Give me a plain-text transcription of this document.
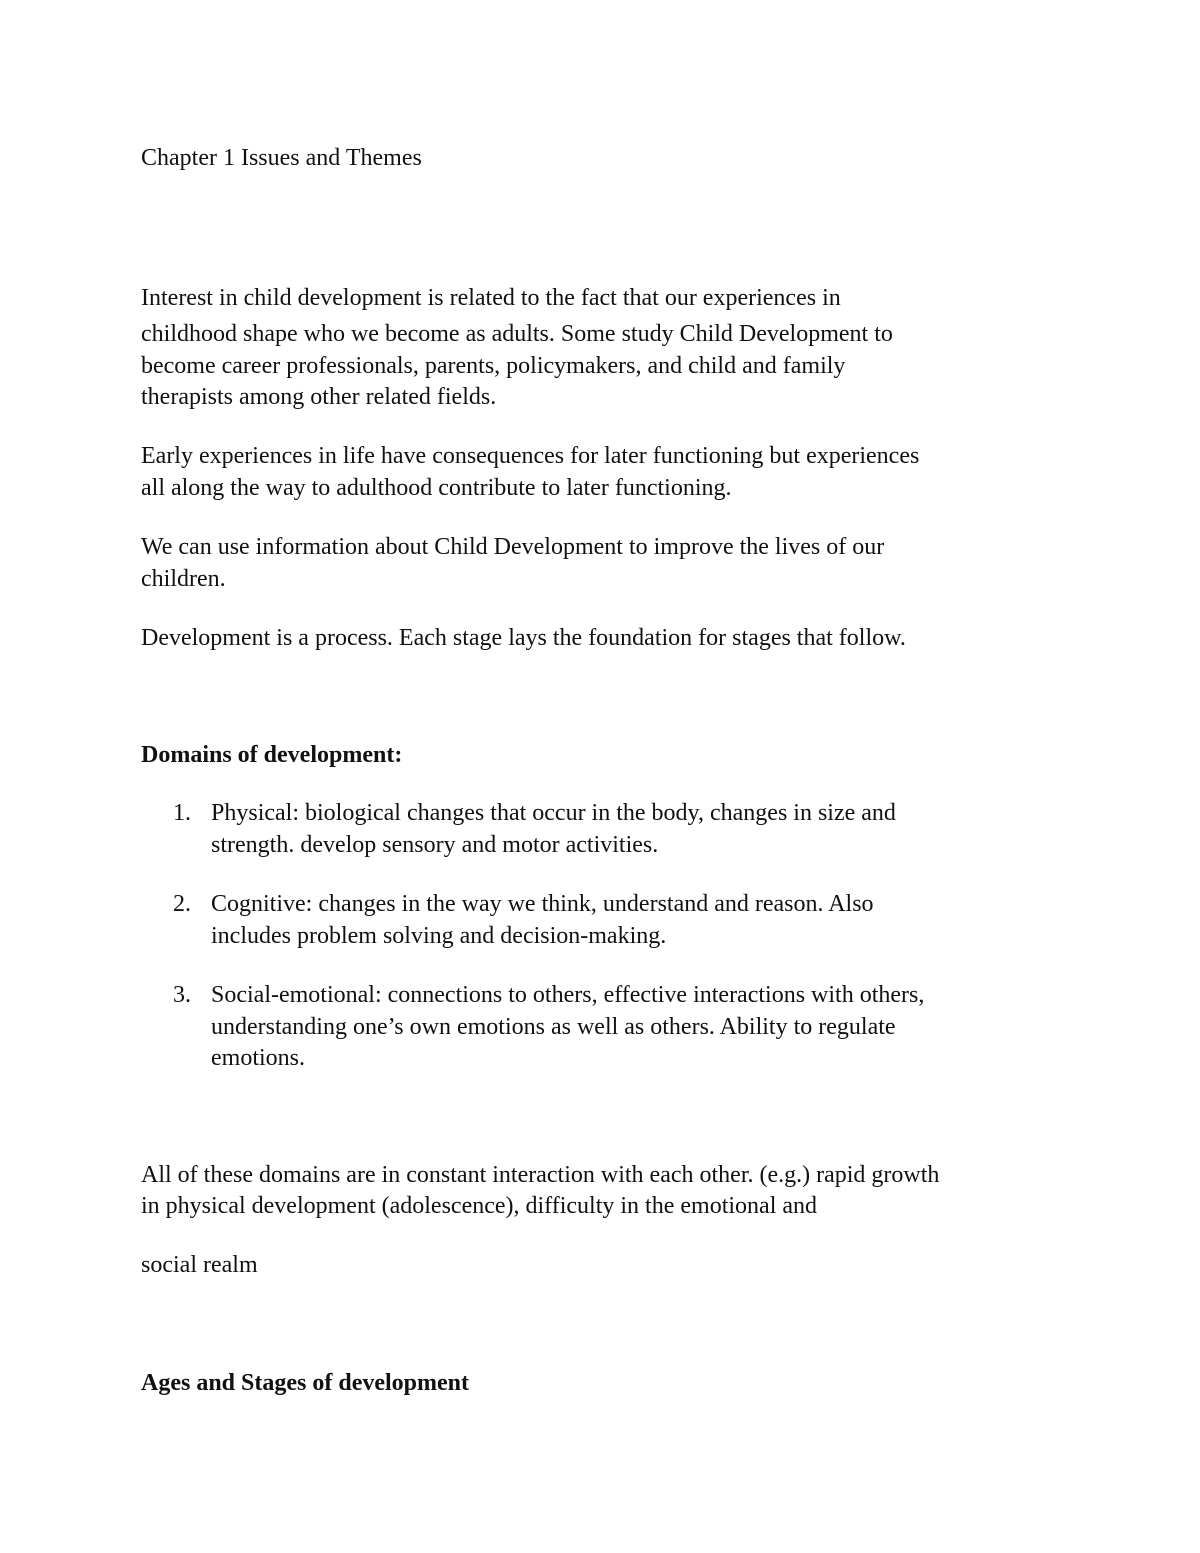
Chapter 1 Issues and Themes
Interest in child development is related to the fact that our experiences in
childhood shape who we become as adults. Some study Child Development to
become career professionals, parents, policymakers, and child and family
therapists among other related fields.
Early experiences in life have consequences for later functioning but experiences
all along the way to adulthood contribute to later functioning.
We can use information about Child Development to improve the lives of our
children.
Development is a process. Each stage lays the foundation for stages that follow.
Domains of development:
1. Physical: biological changes that occur in the body, changes in size and
strength. develop sensory and motor activities.
2. Cognitive: changes in the way we think, understand and reason. Also
includes problem solving and decision-making.
3. Social-emotional: connections to others, effective interactions with others,
understanding one’s own emotions as well as others. Ability to regulate
emotions.
All of these domains are in constant interaction with each other. (e.g.) rapid growth
in physical development (adolescence), difficulty in the emotional and
social realm
Ages and Stages of development
